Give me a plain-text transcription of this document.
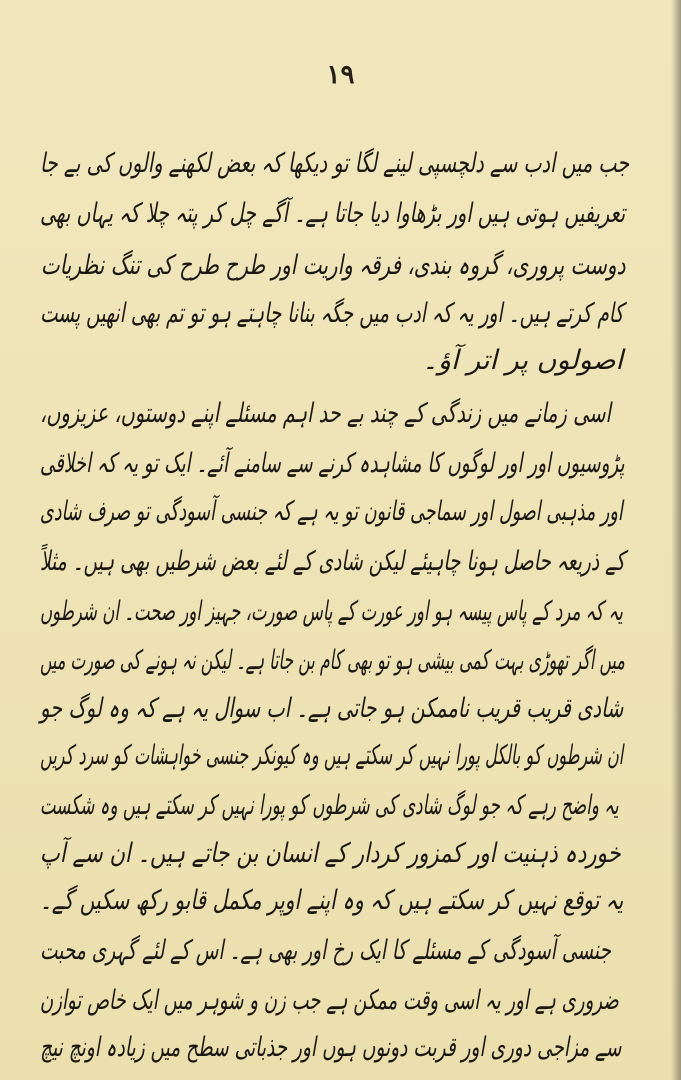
۱۹
جب میں ادب سے دلچسپی لینے لگا تو دیکھا کہ بعض لکھنے والوں کی بے جا
تعریفیں ہوتی ہیں اور بڑھاوا دیا جاتا ہے۔ آگے چل کر پتہ چلا کہ یہاں بھی
دوست پروری، گروہ بندی، فرقہ واریت اور طرح طرح کی تنگ نظریات
کام کرتے ہیں۔ اور یہ کہ ادب میں جگہ بنانا چاہتے ہو تو تم بھی انھیں پست
اصولوں پر اتر آؤ۔
اسی زمانے میں زندگی کے چند بے حد اہم مسئلے اپنے دوستوں، عزیزوں،
پڑوسیوں اور اور لوگوں کا مشاہدہ کرنے سے سامنے آئے۔ ایک تو یہ کہ اخلاقی
اور مذہبی اصول اور سماجی قانون تو یہ ہے کہ جنسی آسودگی تو صرف شادی
کے ذریعہ حاصل ہونا چاہیئے لیکن شادی کے لئے بعض شرطیں بھی ہیں۔ مثلاً
یہ کہ مرد کے پاس پیسہ ہو اور عورت کے پاس صورت، جہیز اور صحت۔ ان شرطوں
میں اگر تھوڑی بہت کمی بیشی ہو تو بھی کام بن جاتا ہے۔ لیکن نہ ہونے کی صورت میں
شادی قریب قریب ناممکن ہو جاتی ہے۔ اب سوال یہ ہے کہ وہ لوگ جو
ان شرطوں کو بالکل پورا نہیں کر سکتے ہیں وہ کیونکر جنسی خواہشات کو سرد کریں
یہ واضح رہے کہ جو لوگ شادی کی شرطوں کو پورا نہیں کر سکتے ہیں وہ شکست
خوردہ ذہنیت اور کمزور کردار کے انسان بن جاتے ہیں۔ ان سے آپ
یہ توقع نہیں کر سکتے ہیں کہ وہ اپنے اوپر مکمل قابو رکھ سکیں گے۔
جنسی آسودگی کے مسئلے کا ایک رخ اور بھی ہے۔ اس کے لئے گہری محبت
ضروری ہے اور یہ اسی وقت ممکن ہے جب زن و شوہر میں ایک خاص توازن
سے مزاجی دوری اور قربت دونوں ہوں اور جذباتی سطح میں زیادہ اونچ نیچ
